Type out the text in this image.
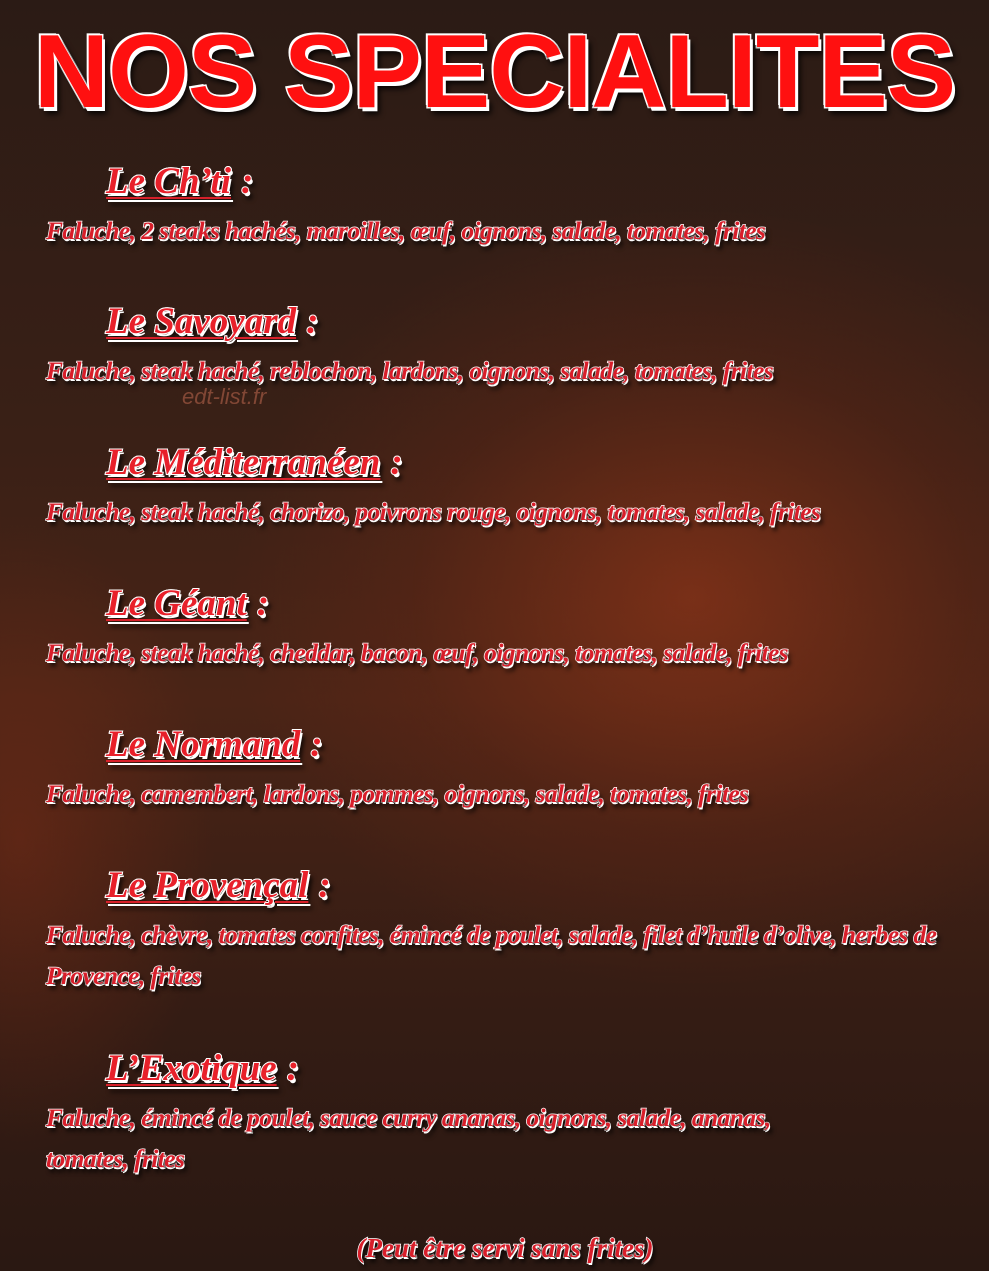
NOS SPECIALITES
Le Ch’ti :
Faluche, 2 steaks hachés, maroilles, œuf, oignons, salade, tomates, frites
Le Savoyard :
Faluche, steak haché, reblochon, lardons, oignons, salade, tomates, frites
Le Méditerranéen :
Faluche, steak haché, chorizo, poivrons rouge, oignons, tomates, salade, frites
Le Géant :
Faluche, steak haché, cheddar, bacon, œuf, oignons, tomates, salade, frites
Le Normand :
Faluche, camembert, lardons, pommes, oignons, salade, tomates, frites
Le Provençal :
Faluche, chèvre, tomates confites, émincé de poulet, salade, filet d’huile d’olive, herbes de Provence, frites
L’Exotique :
Faluche, émincé de poulet, sauce curry ananas, oignons, salade, ananas, tomates, frites
edt-list.fr
(Peut être servi sans frites)
